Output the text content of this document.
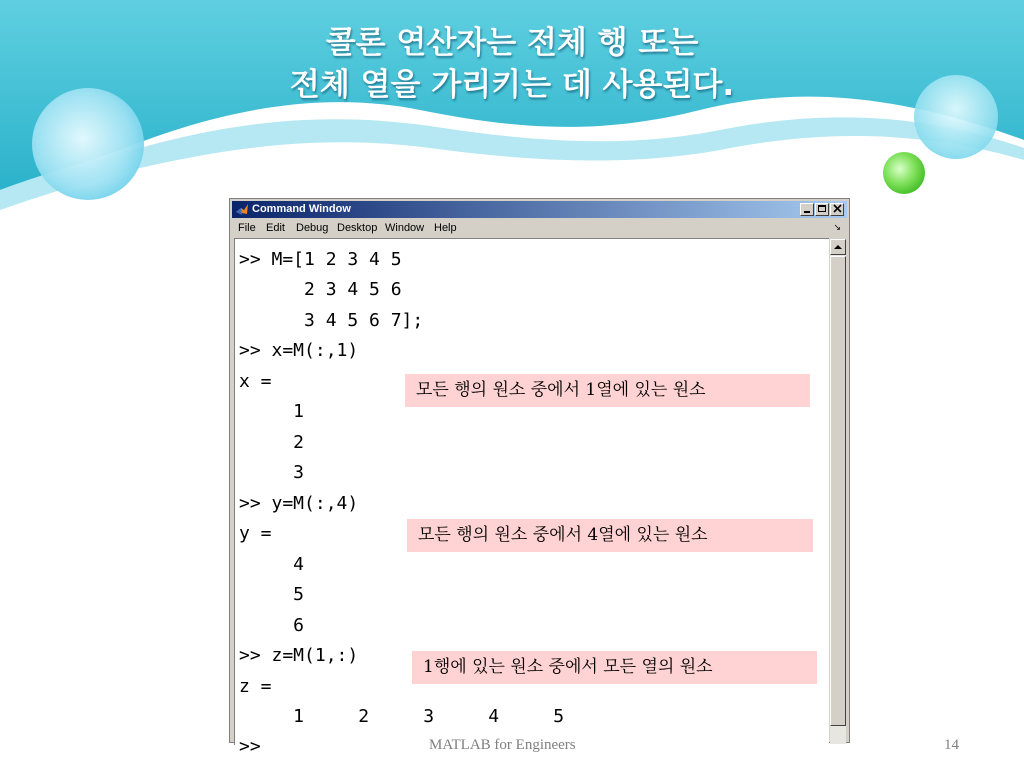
콜론 연산자는 전체 행 또는
전체 열을 가리키는 데 사용된다.
Command Window
File Edit Debug Desktop Window Help	↘
>> M=[1 2 3 4 5
2 3 4 5 6
3 4 5 6 7];
>> x=M(:,1)
x =
1
2
3
>> y=M(:,4)
y =
4
5
6
>> z=M(1,:)
z =
1     2     3     4     5
>>
모든 행의 원소 중에서 1열에 있는 원소
모든 행의 원소 중에서 4열에 있는 원소
1행에 있는 원소 중에서 모든 열의 원소
MATLAB for Engineers	14
